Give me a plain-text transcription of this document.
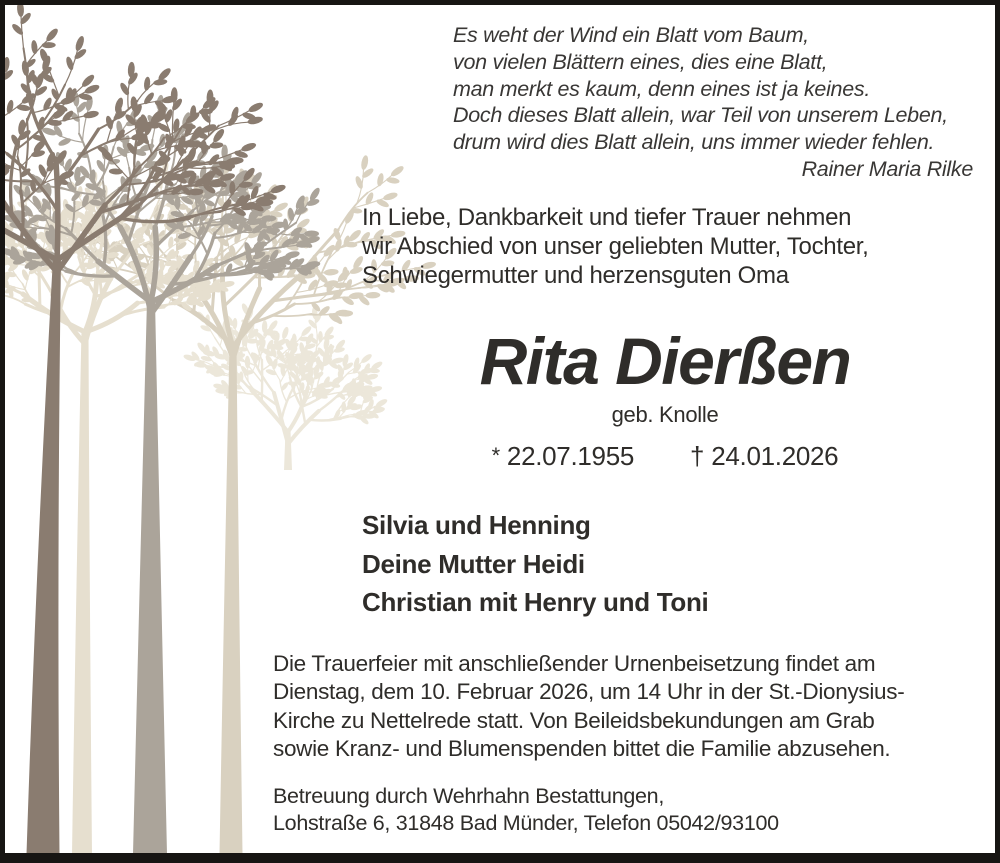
Es weht der Wind ein Blatt vom Baum,
von vielen Blättern eines, dies eine Blatt,
man merkt es kaum, denn eines ist ja keines.
Doch dieses Blatt allein, war Teil von unserem Leben,
drum wird dies Blatt allein, uns immer wieder fehlen.
Rainer Maria Rilke
In Liebe, Dankbarkeit und tiefer Trauer nehmen
wir Abschied von unser geliebten Mutter, Tochter,
Schwiegermutter und herzensguten Oma
Rita Dierßen
geb. Knolle
* 22.07.1955 † 24.01.2026
Silvia und Henning
Deine Mutter Heidi
Christian mit Henry und Toni
Die Trauerfeier mit anschließender Urnenbeisetzung findet am
Dienstag, dem 10. Februar 2026, um 14 Uhr in der St.-Dionysius-
Kirche zu Nettelrede statt. Von Beileidsbekundungen am Grab
sowie Kranz- und Blumenspenden bittet die Familie abzusehen.
Betreuung durch Wehrhahn Bestattungen,
Lohstraße 6, 31848 Bad Münder, Telefon 05042/93100
